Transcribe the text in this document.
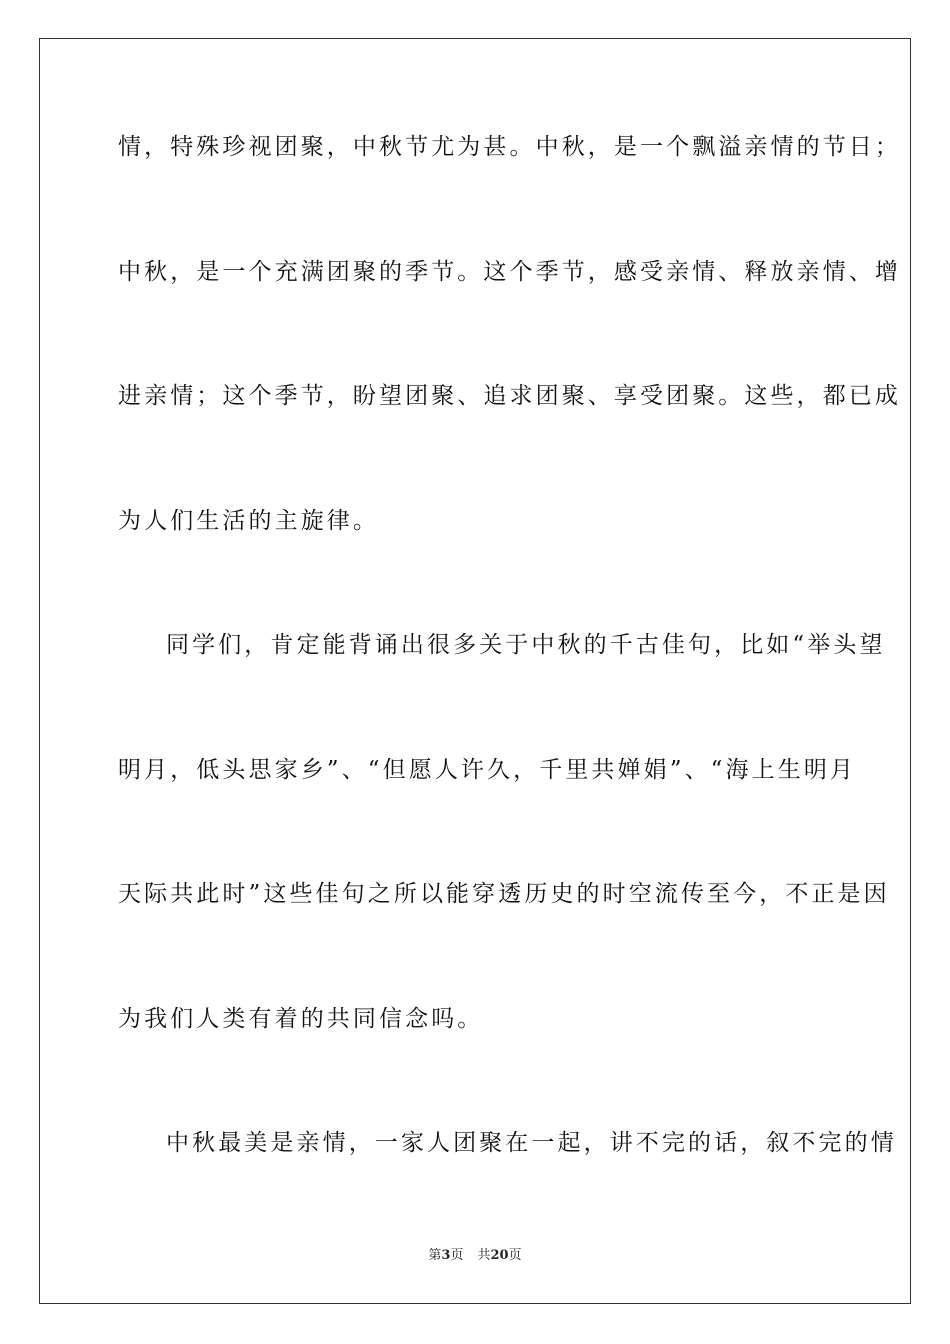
情，特殊珍视团聚，中秋节尤为甚。中秋，是一个飘溢亲情的节日；
中秋，是一个充满团聚的季节。这个季节，感受亲情、释放亲情、增
进亲情；这个季节，盼望团聚、追求团聚、享受团聚。这些，都已成
为人们生活的主旋律。
同学们，肯定能背诵出很多关于中秋的千古佳句，比如“举头望
明月，低头思家乡”、“但愿人许久，千里共婵娟”、“海上生明月
天际共此时”这些佳句之所以能穿透历史的时空流传至今，不正是因
为我们人类有着的共同信念吗。
中秋最美是亲情，一家人团聚在一起，讲不完的话，叙不完的情
第3页 共20页
